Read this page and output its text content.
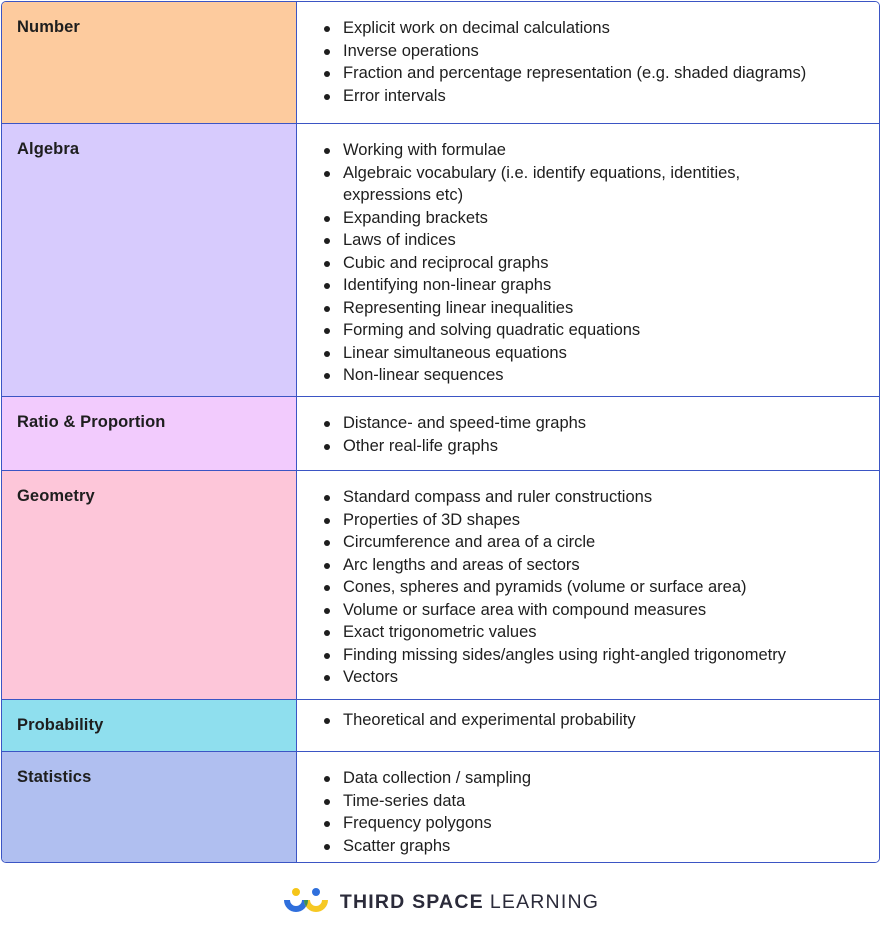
Number	Explicit work on decimal calculations
Inverse operations
Fraction and percentage representation (e.g. shaded diagrams)
Error intervals
Algebra	Working with formulae
Algebraic vocabulary (i.e. identify equations, identities, expressions etc)
Expanding brackets
Laws of indices
Cubic and reciprocal graphs
Identifying non-linear graphs
Representing linear inequalities
Forming and solving quadratic equations
Linear simultaneous equations
Non-linear sequences
Ratio & Proportion	Distance- and speed-time graphs
Other real-life graphs
Geometry	Standard compass and ruler constructions
Properties of 3D shapes
Circumference and area of a circle
Arc lengths and areas of sectors
Cones, spheres and pyramids (volume or surface area)
Volume or surface area with compound measures
Exact trigonometric values
Finding missing sides/angles using right-angled trigonometry
Vectors
Probability	Theoretical and experimental probability
Statistics	Data collection / sampling
Time-series data
Frequency polygons
Scatter graphs
THIRD SPACE LEARNING
